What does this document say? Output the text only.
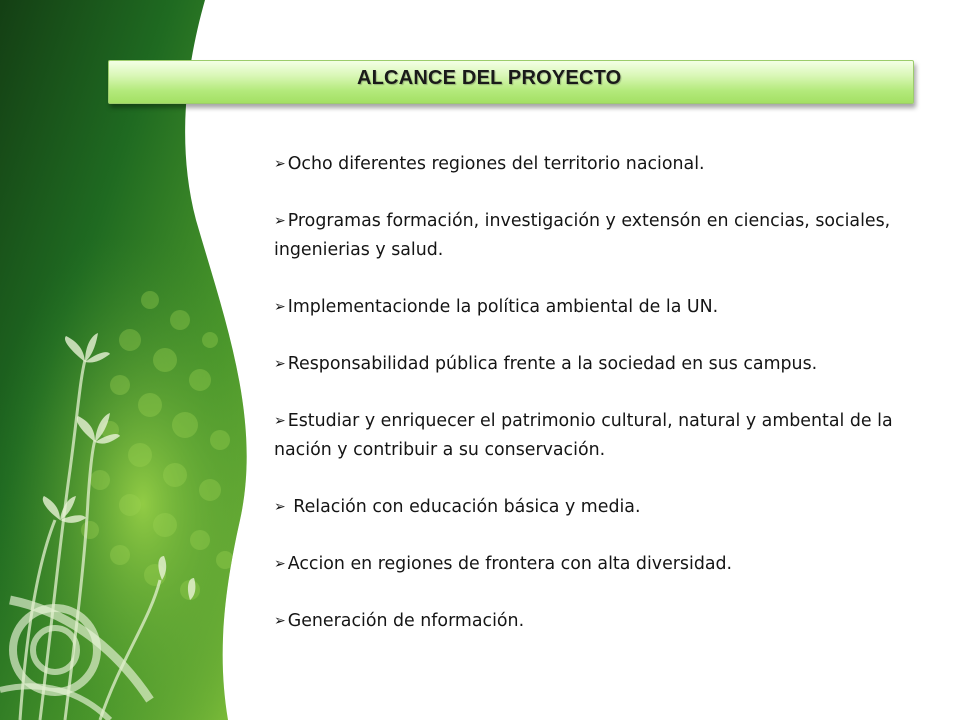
ALCANCE DEL PROYECTO
➢ Ocho diferentes regiones del territorio nacional.
➢ Programas formación, investigación y extensón en ciencias, sociales, ingenierias y salud.
➢ Implementacionde la política ambiental de la UN.
➢ Responsabilidad pública frente a la sociedad en sus campus.
➢ Estudiar y enriquecer el patrimonio cultural, natural y ambental de la nación y contribuir a su conservación.
➢ Relación con educación básica y media.
➢ Accion en regiones de frontera con alta diversidad.
➢ Generación de nformación.
